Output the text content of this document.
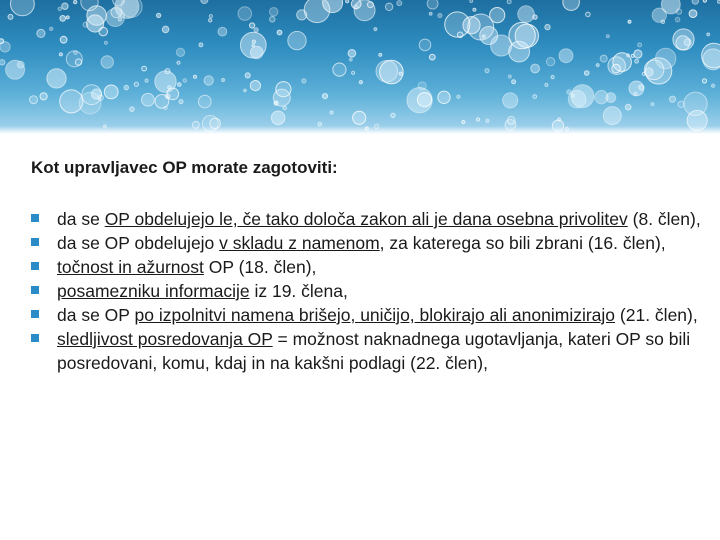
Kot upravljavec OP morate zagotoviti:
da se OP obdelujejo le, če tako določa zakon ali je dana osebna privolitev (8. člen),
da se OP obdelujejo v skladu z namenom, za katerega so bili zbrani (16. člen),
točnost in ažurnost OP (18. člen),
posamezniku informacije iz 19. člena,
da se OP po izpolnitvi namena brišejo, uničijo, blokirajo ali anonimizirajo (21. člen),
sledljivost posredovanja OP = možnost naknadnega ugotavljanja, kateri OP so bili posredovani, komu, kdaj in na kakšni podlagi (22. člen),
